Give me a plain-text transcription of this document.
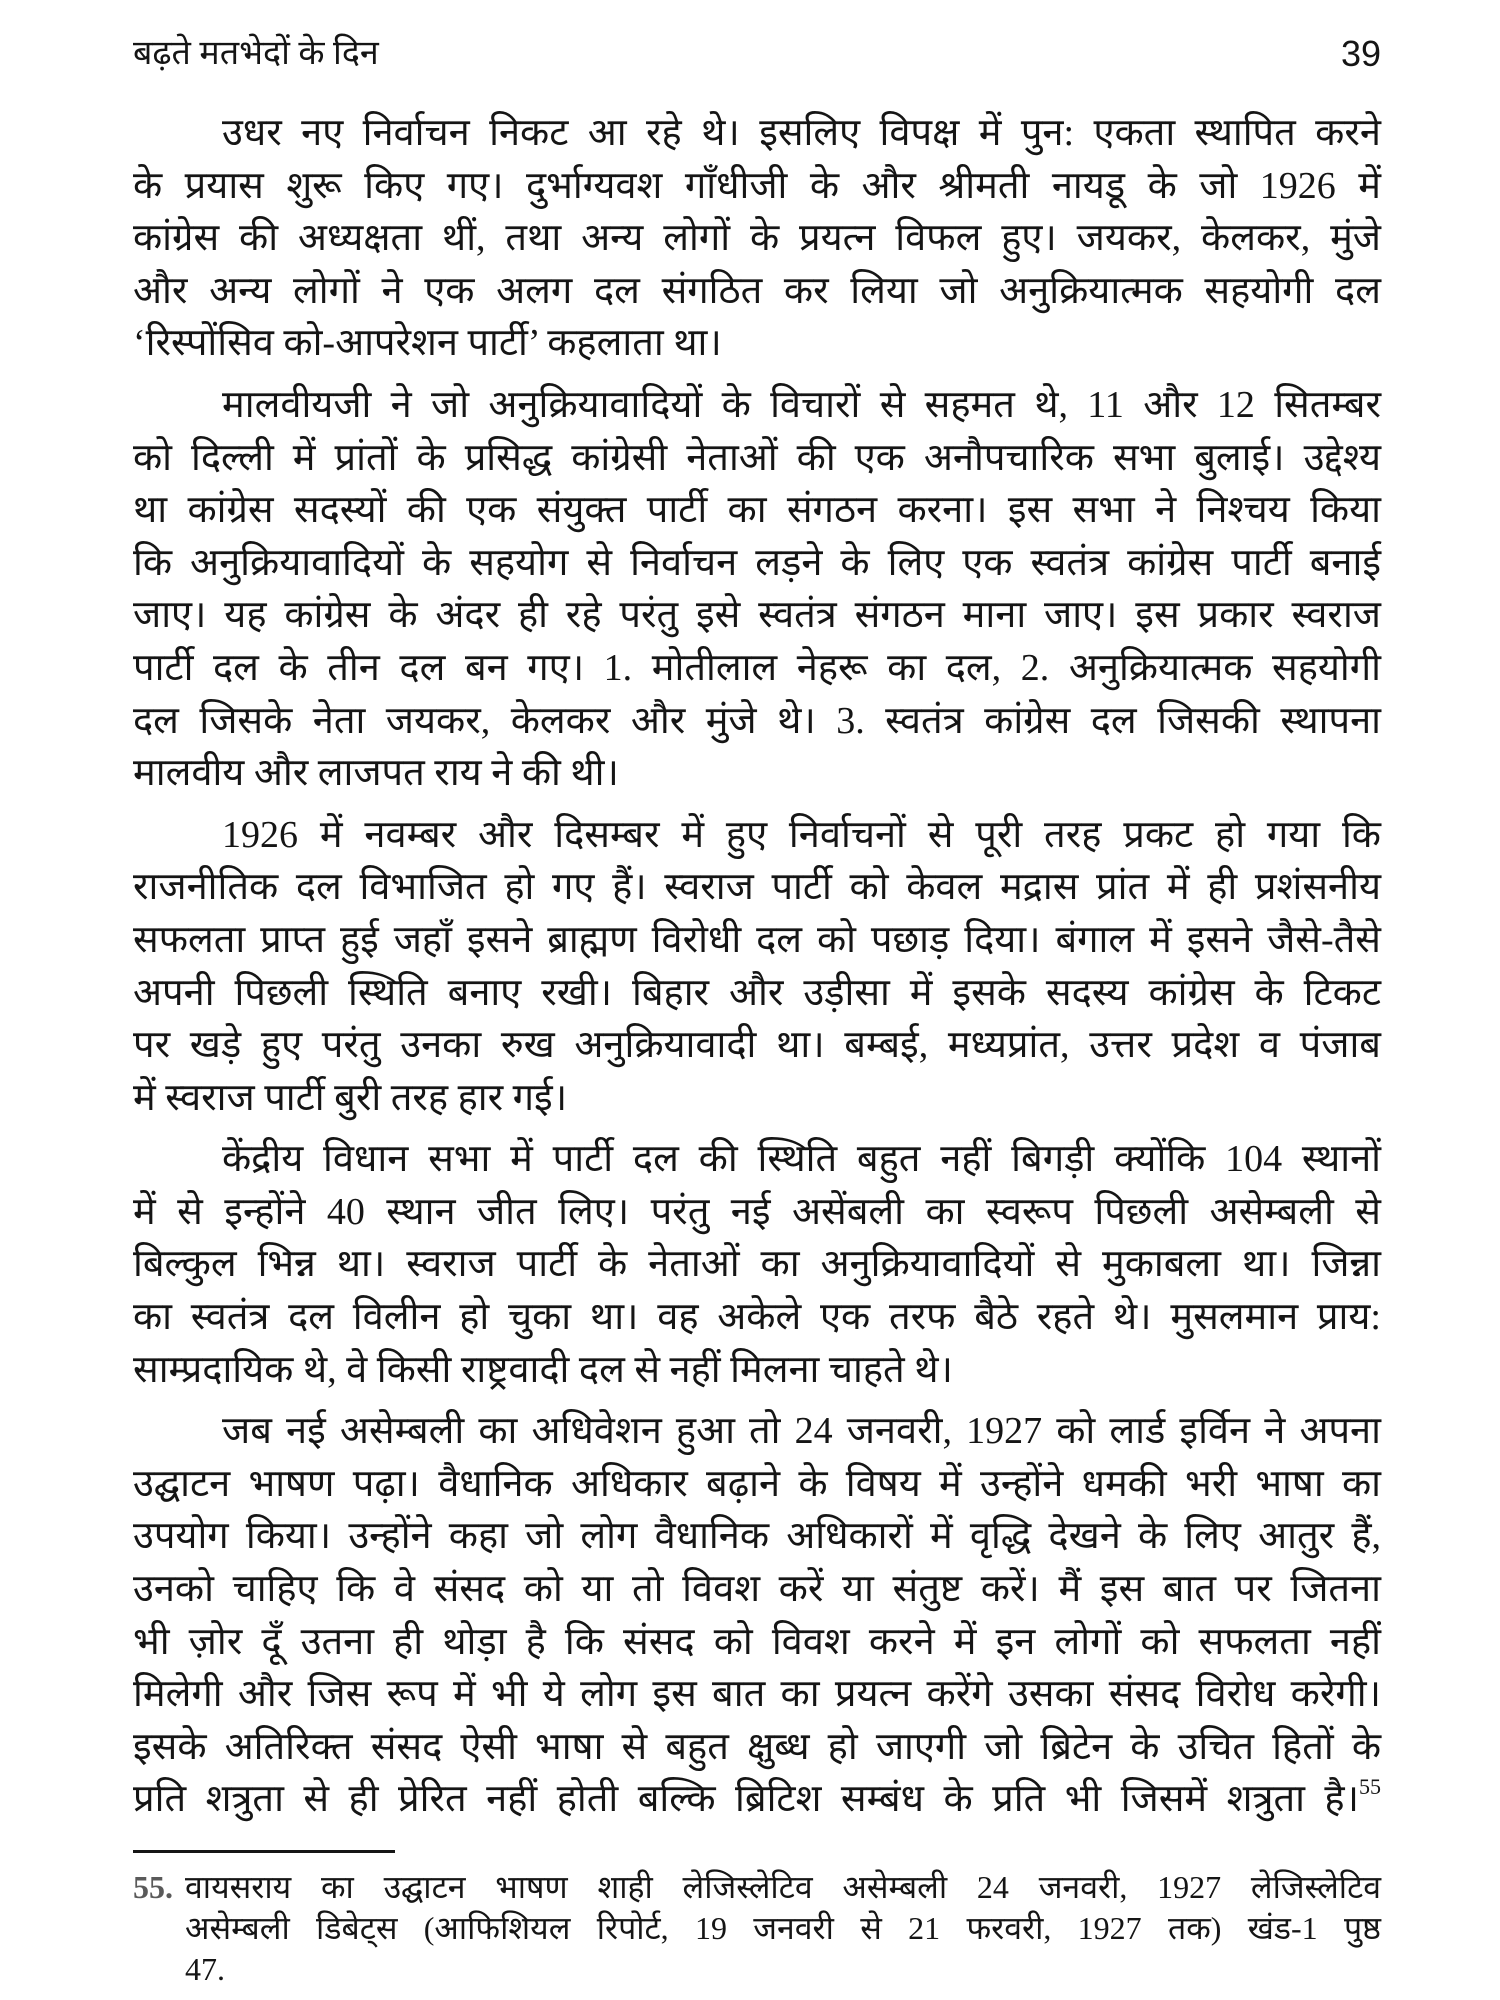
बढ़ते मतभेदों के दिन	39
उधर नए निर्वाचन निकट आ रहे थे। इसलिए विपक्ष में पुन: एकता स्थापित करने
के प्रयास शुरू किए गए। दुर्भाग्यवश गाँधीजी के और श्रीमती नायडू के जो 1926 में
कांग्रेस की अध्यक्षता थीं, तथा अन्य लोगों के प्रयत्न विफल हुए। जयकर, केलकर, मुंजे
और अन्य लोगों ने एक अलग दल संगठित कर लिया जो अनुक्रियात्मक सहयोगी दल
‘रिस्पोंसिव को-आपरेशन पार्टी’ कहलाता था।
मालवीयजी ने जो अनुक्रियावादियों के विचारों से सहमत थे, 11 और 12 सितम्बर
को दिल्ली में प्रांतों के प्रसिद्ध कांग्रेसी नेताओं की एक अनौपचारिक सभा बुलाई। उद्देश्य
था कांग्रेस सदस्यों की एक संयुक्त पार्टी का संगठन करना। इस सभा ने निश्चय किया
कि अनुक्रियावादियों के सहयोग से निर्वाचन लड़ने के लिए एक स्वतंत्र कांग्रेस पार्टी बनाई
जाए। यह कांग्रेस के अंदर ही रहे परंतु इसे स्वतंत्र संगठन माना जाए। इस प्रकार स्वराज
पार्टी दल के तीन दल बन गए। 1. मोतीलाल नेहरू का दल, 2. अनुक्रियात्मक सहयोगी
दल जिसके नेता जयकर, केलकर और मुंजे थे। 3. स्वतंत्र कांग्रेस दल जिसकी स्थापना
मालवीय और लाजपत राय ने की थी।
1926 में नवम्बर और दिसम्बर में हुए निर्वाचनों से पूरी तरह प्रकट हो गया कि
राजनीतिक दल विभाजित हो गए हैं। स्वराज पार्टी को केवल मद्रास प्रांत में ही प्रशंसनीय
सफलता प्राप्त हुई जहाँ इसने ब्राह्मण विरोधी दल को पछाड़ दिया। बंगाल में इसने जैसे-तैसे
अपनी पिछली स्थिति बनाए रखी। बिहार और उड़ीसा में इसके सदस्य कांग्रेस के टिकट
पर खड़े हुए परंतु उनका रुख अनुक्रियावादी था। बम्बई, मध्यप्रांत, उत्तर प्रदेश व पंजाब
में स्वराज पार्टी बुरी तरह हार गई।
केंद्रीय विधान सभा में पार्टी दल की स्थिति बहुत नहीं बिगड़ी क्योंकि 104 स्थानों
में से इन्होंने 40 स्थान जीत लिए। परंतु नई असेंबली का स्वरूप पिछली असेम्बली से
बिल्कुल भिन्न था। स्वराज पार्टी के नेताओं का अनुक्रियावादियों से मुकाबला था। जिन्ना
का स्वतंत्र दल विलीन हो चुका था। वह अकेले एक तरफ बैठे रहते थे। मुसलमान प्राय:
साम्प्रदायिक थे, वे किसी राष्ट्रवादी दल से नहीं मिलना चाहते थे।
जब नई असेम्बली का अधिवेशन हुआ तो 24 जनवरी, 1927 को लार्ड इर्विन ने अपना
उद्घाटन भाषण पढ़ा। वैधानिक अधिकार बढ़ाने के विषय में उन्होंने धमकी भरी भाषा का
उपयोग किया। उन्होंने कहा जो लोग वैधानिक अधिकारों में वृद्धि देखने के लिए आतुर हैं,
उनको चाहिए कि वे संसद को या तो विवश करें या संतुष्ट करें। मैं इस बात पर जितना
भी ज़ोर दूँ उतना ही थोड़ा है कि संसद को विवश करने में इन लोगों को सफलता नहीं
मिलेगी और जिस रूप में भी ये लोग इस बात का प्रयत्न करेंगे उसका संसद विरोध करेगी।
इसके अतिरिक्त संसद ऐसी भाषा से बहुत क्षुब्ध हो जाएगी जो ब्रिटेन के उचित हितों के
प्रति शत्रुता से ही प्रेरित नहीं होती बल्कि ब्रिटिश सम्बंध के प्रति भी जिसमें शत्रुता है।$^{55}$
55. वायसराय का उद्घाटन भाषण शाही लेजिस्लेटिव असेम्बली 24 जनवरी, 1927 लेजिस्लेटिव
असेम्बली डिबेट्स (आफिशियल रिपोर्ट, 19 जनवरी से 21 फरवरी, 1927 तक) खंड-1 पुष्ठ
47.
